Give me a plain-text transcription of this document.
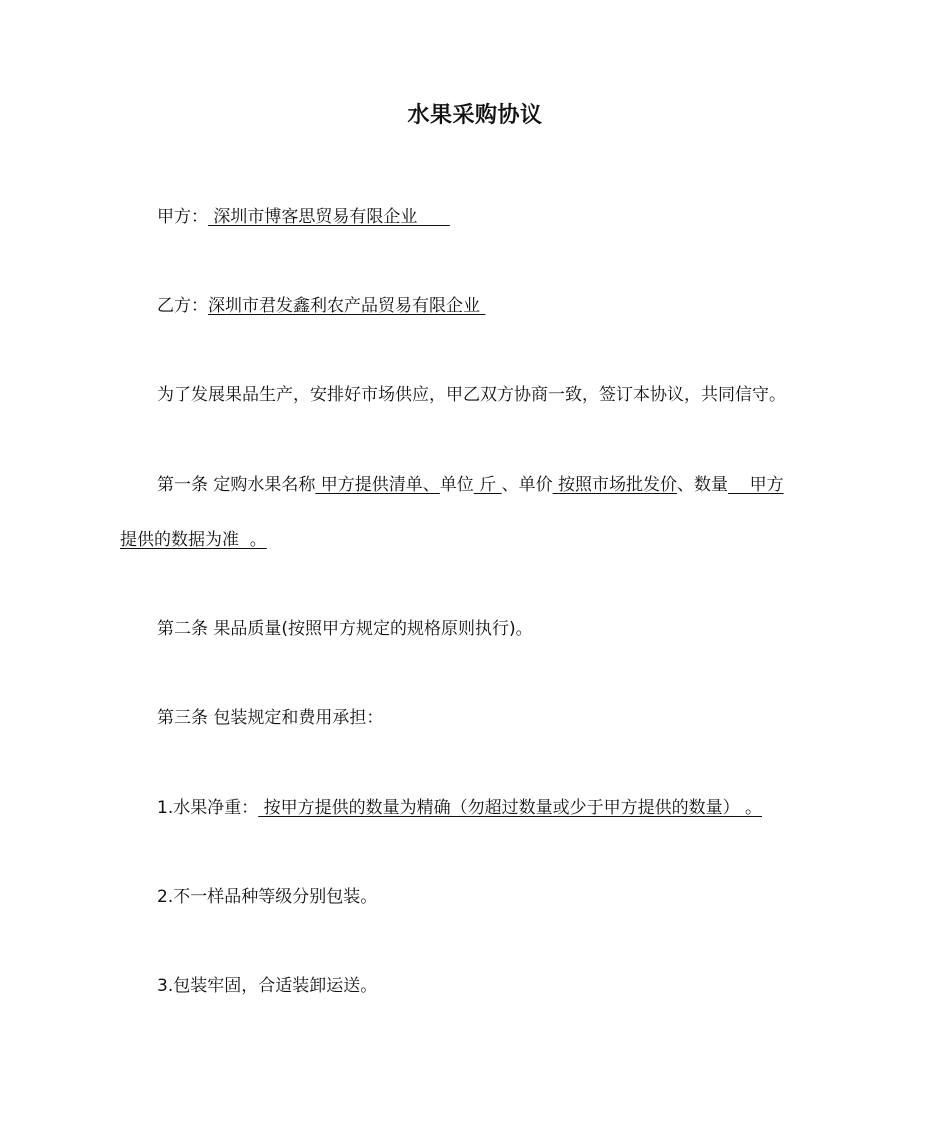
水果采购协议
甲方： 深圳市博客思贸易有限企业
乙方：深圳市君发鑫利农产品贸易有限企业
为了发展果品生产，安排好市场供应，甲乙双方协商一致，签订本协议，共同信守。
第一条 定购水果名称 甲方提供清单、单位 斤 、单价 按照市场批发价、数量    甲方
提供的数据为准  。
第二条 果品质量(按照甲方规定的规格原则执行)。
第三条 包装规定和费用承担：
1.水果净重： 按甲方提供的数量为精确（勿超过数量或少于甲方提供的数量） 。
2.不一样品种等级分别包装。
3.包装牢固，合适装卸运送。
